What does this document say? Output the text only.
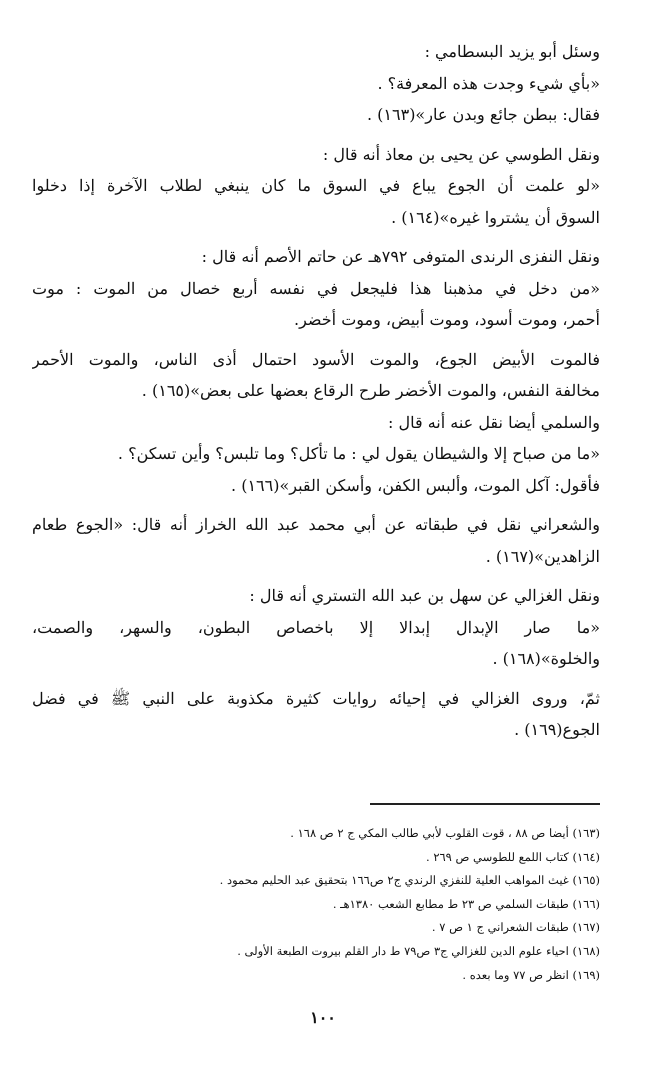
وسئل أبو يزيد البسطامي :
«بأي شيء وجدت هذه المعرفة؟ .
فقال: ببطن جائع وبدن عار»(١٦٣) .
ونقل الطوسي عن يحيى بن معاذ أنه قال :
«لو علمت أن الجوع يباع في السوق ما كان ينبغي لطلاب الآخرة إذا دخلوا
السوق أن يشتروا غيره»(١٦٤) .
ونقل النفزى الرندى المتوفى ٧٩٢هـ عن حاتم الأصم أنه قال :
«من دخل في مذهبنا هذا فليجعل في نفسه أربع خصال من الموت : موت
أحمر، وموت أسود، وموت أبيض، وموت أخضر.
فالموت الأبيض الجوع، والموت الأسود احتمال أذى الناس، والموت الأحمر
مخالفة النفس، والموت الأخضر طرح الرقاع بعضها على بعض»(١٦٥) .
والسلمي أيضا نقل عنه أنه قال :
«ما من صباح إلا والشيطان يقول لي : ما تأكل؟ وما تلبس؟ وأين تسكن؟ .
فأقول: آكل الموت، وألبس الكفن، وأسكن القبر»(١٦٦) .
والشعراني نقل في طبقاته عن أبي محمد عبد الله الخراز أنه قال: «الجوع طعام
الزاهدين»(١٦٧) .
ونقل الغزالي عن سهل بن عبد الله التستري أنه قال :
«ما صار الإبدال إبدالا إلا باخصاص البطون، والسهر، والصمت،
والخلوة»(١٦٨) .
ثمّ، وروى الغزالي في إحيائه روايات كثيرة مكذوبة على النبي ﷺ في فضل
الجوع(١٦٩) .
(١٦٣) أيضا ص ٨٨ ، قوت القلوب لأبي طالب المكي ج ٢ ص ١٦٨ .
(١٦٤) كتاب اللمع للطوسي ص ٢٦٩ .
(١٦٥) غيث المواهب العلية للنفزي الرندي ج٢ ص١٦٦ بتحقيق عبد الحليم محمود .
(١٦٦) طبقات السلمي ص ٢٣ ط مطابع الشعب ١٣٨٠هـ .
(١٦٧) طبقات الشعراني ج ١ ص ٧ .
(١٦٨) احياء علوم الدين للغزالي ج٣ ص٧٩ ط دار القلم بيروت الطبعة الأولى .
(١٦٩) انظر ص ٧٧ وما بعده .
١٠٠
